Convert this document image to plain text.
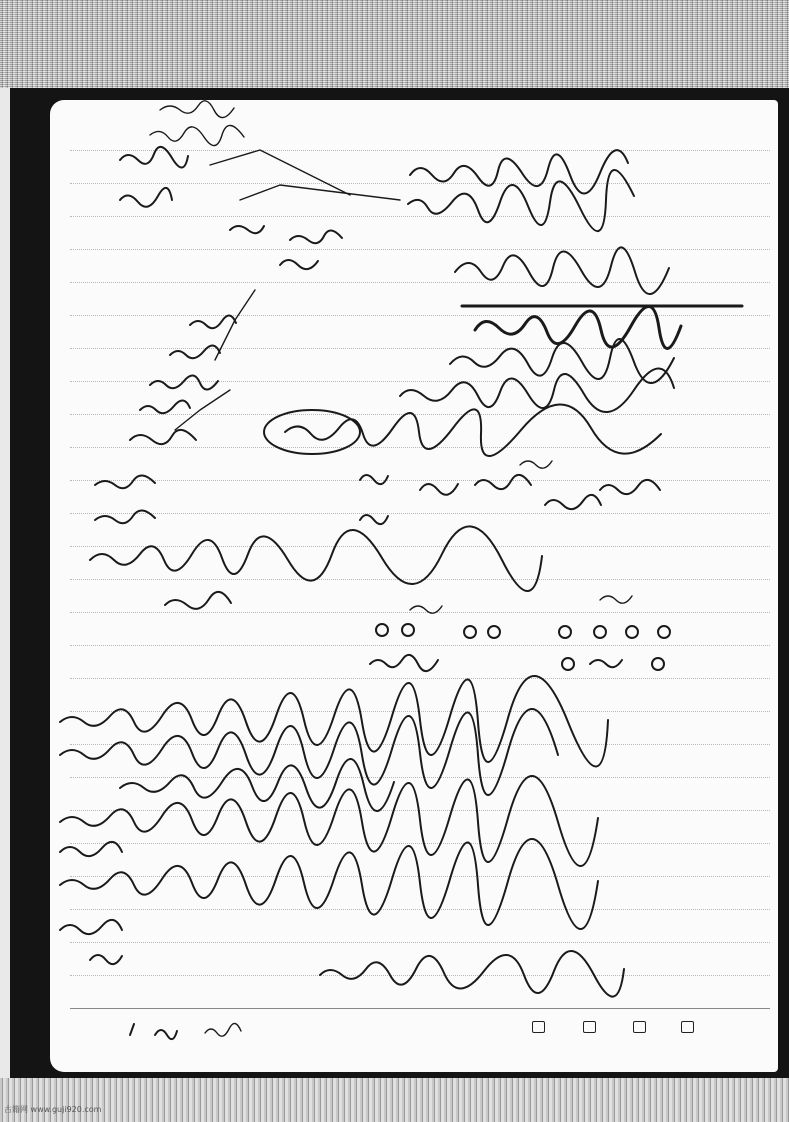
古籍网 www.guji920.com
